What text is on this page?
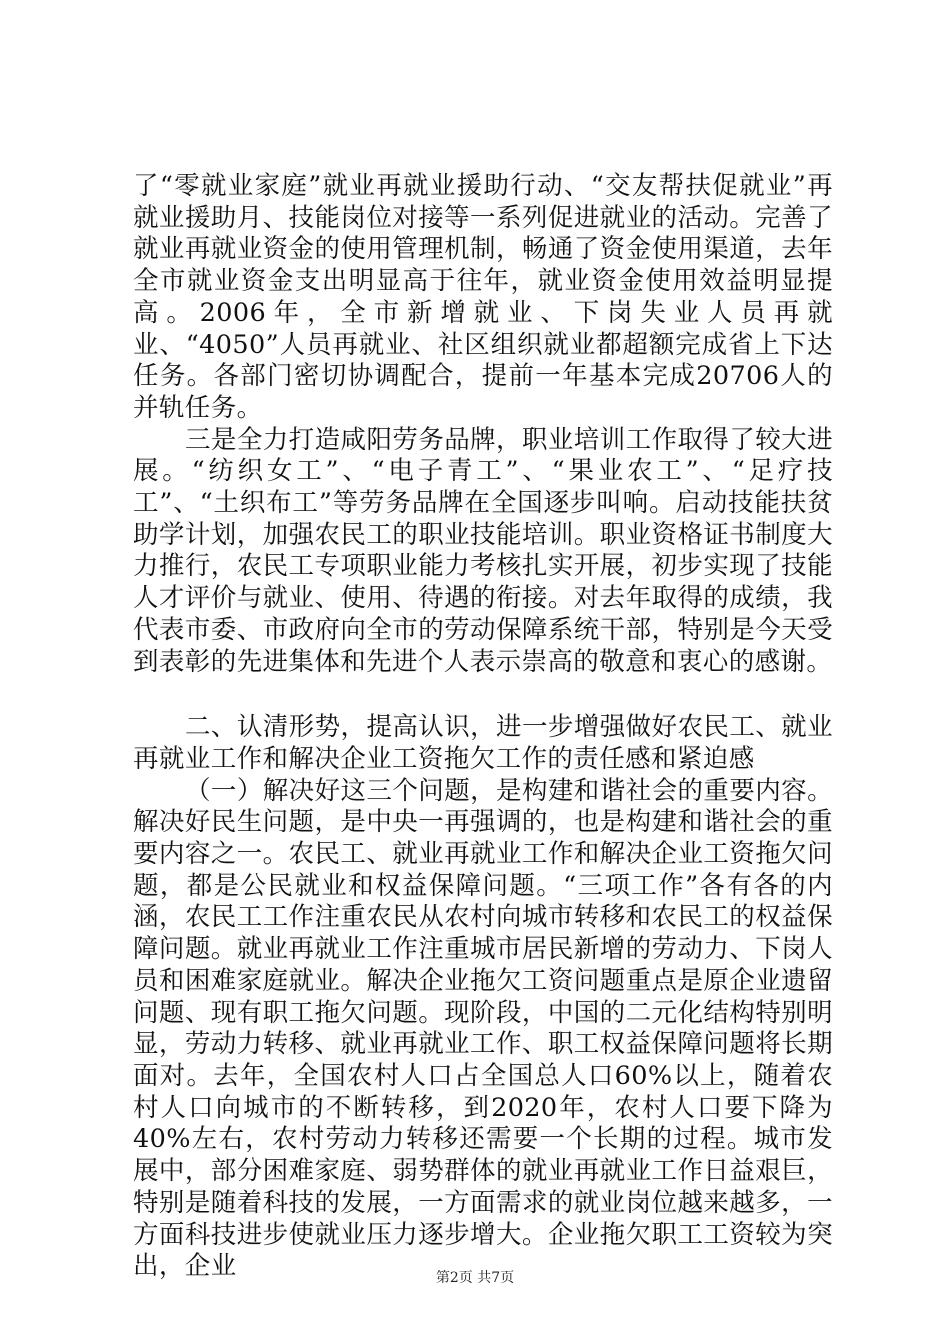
了“零就业家庭”就业再就业援助行动、“交友帮扶促就业”再就业援助月、技能岗位对接等一系列促进就业的活动。完善了就业再就业资金的使用管理机制，畅通了资金使用渠道，去年全市就业资金支出明显高于往年，就业资金使用效益明显提高。2006年，全市新增就业、下岗失业人员再就业、“4050”人员再就业、社区组织就业都超额完成省上下达任务。各部门密切协调配合，提前一年基本完成20706人的并轨任务。

三是全力打造咸阳劳务品牌，职业培训工作取得了较大进展。“纺织女工”、“电子青工”、“果业农工”、“足疗技工”、“土织布工”等劳务品牌在全国逐步叫响。启动技能扶贫助学计划，加强农民工的职业技能培训。职业资格证书制度大力推行，农民工专项职业能力考核扎实开展，初步实现了技能人才评价与就业、使用、待遇的衔接。对去年取得的成绩，我代表市委、市政府向全市的劳动保障系统干部，特别是今天受到表彰的先进集体和先进个人表示崇高的敬意和衷心的感谢。

二、认清形势，提高认识，进一步增强做好农民工、就业再就业工作和解决企业工资拖欠工作的责任感和紧迫感

（一）解决好这三个问题，是构建和谐社会的重要内容。解决好民生问题，是中央一再强调的，也是构建和谐社会的重要内容之一。农民工、就业再就业工作和解决企业工资拖欠问题，都是公民就业和权益保障问题。“三项工作”各有各的内涵，农民工工作注重农民从农村向城市转移和农民工的权益保障问题。就业再就业工作注重城市居民新增的劳动力、下岗人员和困难家庭就业。解决企业拖欠工资问题重点是原企业遗留问题、现有职工拖欠问题。现阶段，中国的二元化结构特别明显，劳动力转移、就业再就业工作、职工权益保障问题将长期面对。去年，全国农村人口占全国总人口60%以上，随着农村人口向城市的不断转移，到2020年，农村人口要下降为40%左右，农村劳动力转移还需要一个长期的过程。城市发展中，部分困难家庭、弱势群体的就业再就业工作日益艰巨，特别是随着科技的发展，一方面需求的就业岗位越来越多，一方面科技进步使就业压力逐步增大。企业拖欠职工工资较为突出，企业	第2页 共7页
